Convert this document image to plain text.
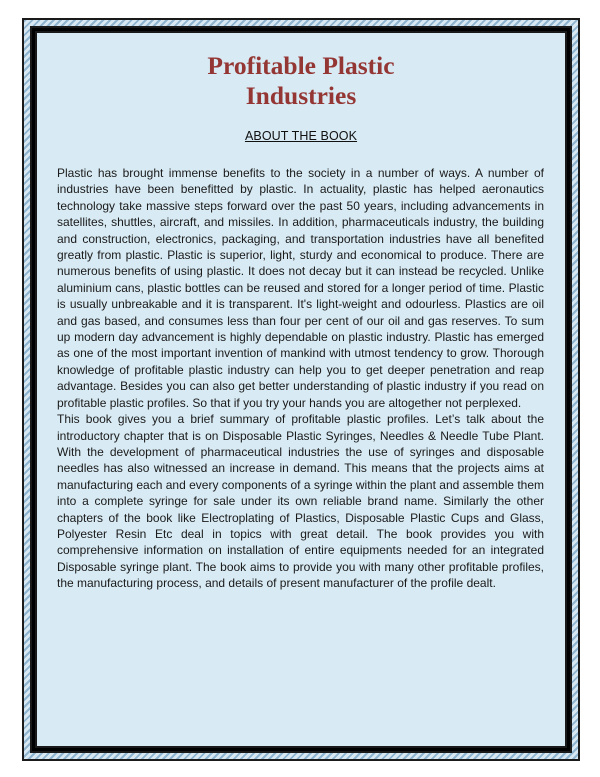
Profitable Plastic
Industries
ABOUT THE BOOK

Plastic has brought immense benefits to the society in a number of ways. A number of industries have been benefitted by plastic. In actuality, plastic has helped aeronautics technology take massive steps forward over the past 50 years, including advancements in satellites, shuttles, aircraft, and missiles. In addition, pharmaceuticals industry, the building and construction, electronics, packaging, and transportation industries have all benefited greatly from plastic. Plastic is superior, light, sturdy and economical to produce. There are numerous benefits of using plastic. It does not decay but it can instead be recycled. Unlike aluminium cans, plastic bottles can be reused and stored for a longer period of time. Plastic is usually unbreakable and it is transparent. It's light-weight and odourless. Plastics are oil and gas based, and consumes less than four per cent of our oil and gas reserves. To sum up modern day advancement is highly dependable on plastic industry. Plastic has emerged as one of the most important invention of mankind with utmost tendency to grow. Thorough knowledge of profitable plastic industry can help you to get deeper penetration and reap advantage. Besides you can also get better understanding of plastic industry if you read on profitable plastic profiles. So that if you try your hands you are altogether not perplexed.

This book gives you a brief summary of profitable plastic profiles. Let’s talk about the introductory chapter that is on Disposable Plastic Syringes, Needles & Needle Tube Plant. With the development of pharmaceutical industries the use of syringes and disposable needles has also witnessed an increase in demand. This means that the projects aims at manufacturing each and every components of a syringe within the plant and assemble them into a complete syringe for sale under its own reliable brand name. Similarly the other chapters of the book like Electroplating of Plastics, Disposable Plastic Cups and Glass, Polyester Resin Etc deal in topics with great detail. The book provides you with comprehensive information on installation of entire equipments needed for an integrated Disposable syringe plant. The book aims to provide you with many other profitable profiles, the manufacturing process, and details of present manufacturer of the profile dealt.
